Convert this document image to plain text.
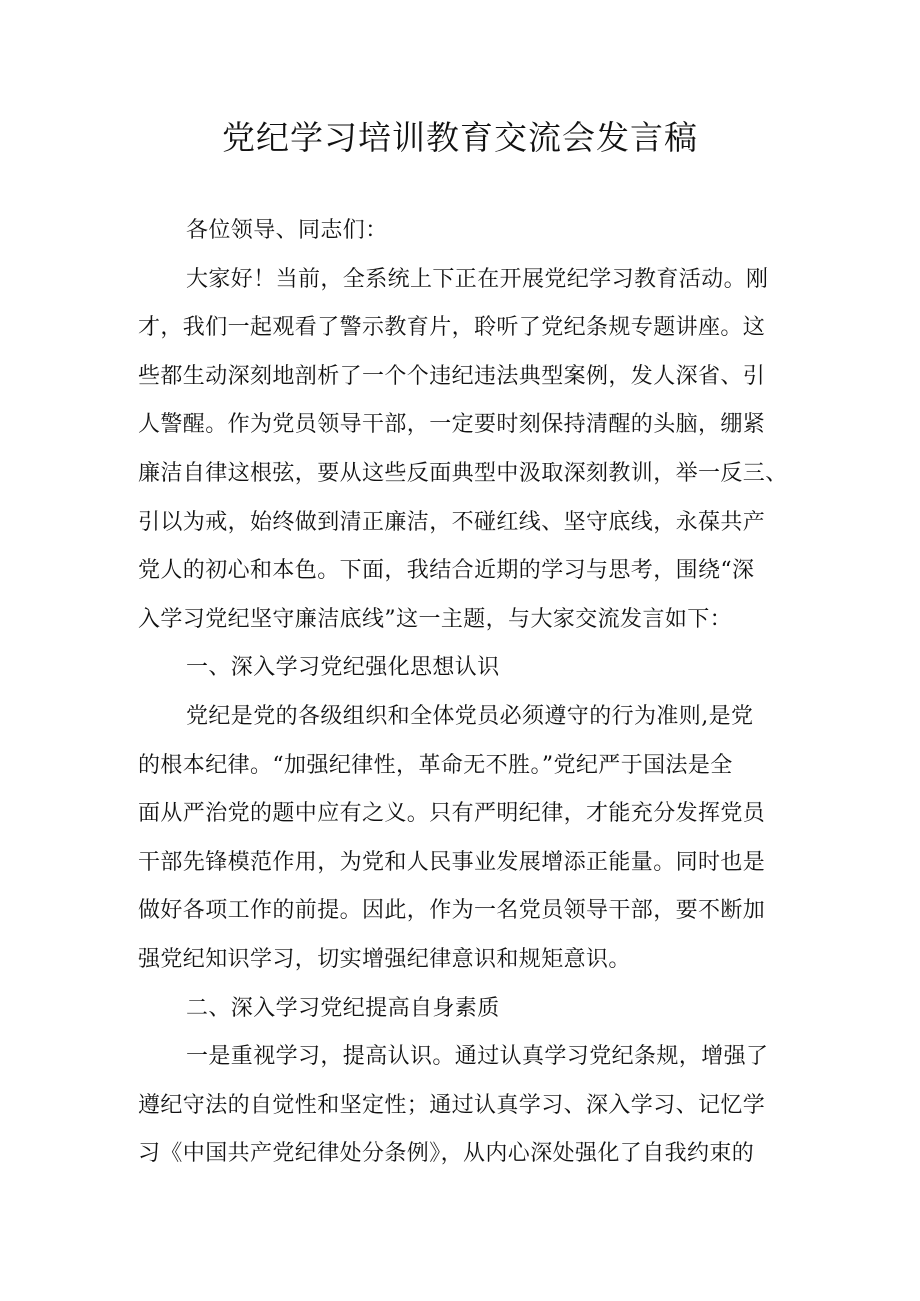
党纪学习培训教育交流会发言稿

各位领导、同志们：

大家好！当前，全系统上下正在开展党纪学习教育活动。刚

才，我们一起观看了警示教育片，聆听了党纪条规专题讲座。这

些都生动深刻地剖析了一个个违纪违法典型案例，发人深省、引

人警醒。作为党员领导干部，一定要时刻保持清醒的头脑，绷紧

廉洁自律这根弦，要从这些反面典型中汲取深刻教训，举一反三、

引以为戒，始终做到清正廉洁，不碰红线、坚守底线，永葆共产

党人的初心和本色。下面，我结合近期的学习与思考，围绕“深

入学习党纪坚守廉洁底线”这一主题，与大家交流发言如下：

一、深入学习党纪强化思想认识

党纪是党的各级组织和全体党员必须遵守的行为准则,是党

的根本纪律。“加强纪律性，革命无不胜。”党纪严于国法是全

面从严治党的题中应有之义。只有严明纪律，才能充分发挥党员

干部先锋模范作用，为党和人民事业发展增添正能量。同时也是

做好各项工作的前提。因此，作为一名党员领导干部，要不断加

强党纪知识学习，切实增强纪律意识和规矩意识。

二、深入学习党纪提高自身素质

一是重视学习，提高认识。通过认真学习党纪条规，增强了

遵纪守法的自觉性和坚定性；通过认真学习、深入学习、记忆学

习《中国共产党纪律处分条例》，从内心深处强化了自我约束的
